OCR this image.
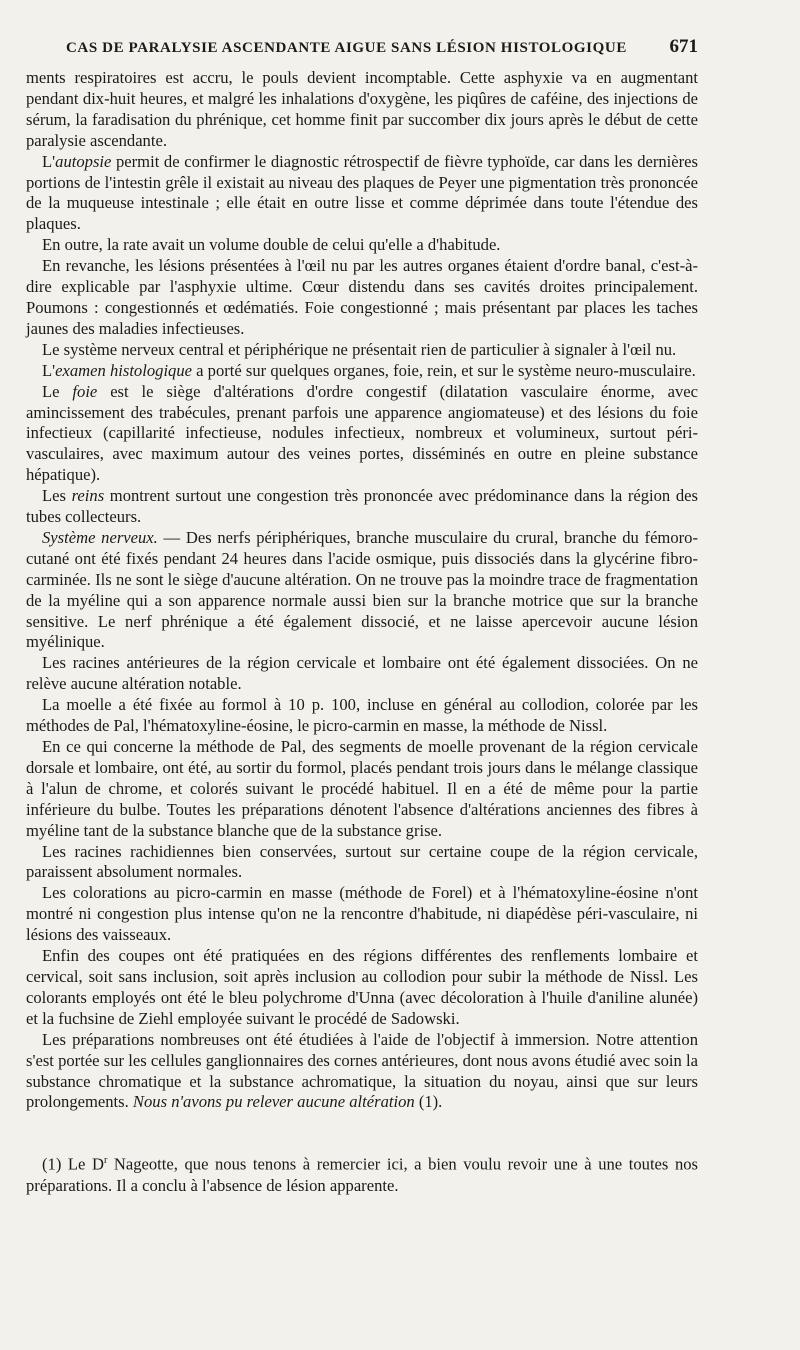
CAS DE PARALYSIE ASCENDANTE AIGUE SANS LÉSION HISTOLOGIQUE 671

ments respiratoires est accru, le pouls devient incomptable. Cette asphyxie va en augmentant pendant dix-huit heures, et malgré les inhalations d'oxygène, les piqûres de caféine, des injections de sérum, la faradisation du phrénique, cet homme finit par succomber dix jours après le début de cette paralysie ascendante.

L'autopsie permit de confirmer le diagnostic rétrospectif de fièvre typhoïde, car dans les dernières portions de l'intestin grêle il existait au niveau des plaques de Peyer une pigmentation très prononcée de la muqueuse intestinale ; elle était en outre lisse et comme déprimée dans toute l'étendue des plaques.

En outre, la rate avait un volume double de celui qu'elle a d'habitude.

En revanche, les lésions présentées à l'œil nu par les autres organes étaient d'ordre banal, c'est-à-dire explicable par l'asphyxie ultime. Cœur distendu dans ses cavités droites principalement. Poumons : congestionnés et œdématiés. Foie congestionné ; mais présentant par places les taches jaunes des maladies infectieuses.

Le système nerveux central et périphérique ne présentait rien de particulier à signaler à l'œil nu.

L'examen histologique a porté sur quelques organes, foie, rein, et sur le système neuro-musculaire.

Le foie est le siège d'altérations d'ordre congestif (dilatation vasculaire énorme, avec amincissement des trabécules, prenant parfois une apparence angiomateuse) et des lésions du foie infectieux (capillarité infectieuse, nodules infectieux, nombreux et volumineux, surtout péri-vasculaires, avec maximum autour des veines portes, disséminés en outre en pleine substance hépatique).

Les reins montrent surtout une congestion très prononcée avec prédominance dans la région des tubes collecteurs.

Système nerveux. — Des nerfs périphériques, branche musculaire du crural, branche du fémoro-cutané ont été fixés pendant 24 heures dans l'acide osmique, puis dissociés dans la glycérine fibro-carminée. Ils ne sont le siège d'aucune altération. On ne trouve pas la moindre trace de fragmentation de la myéline qui a son apparence normale aussi bien sur la branche motrice que sur la branche sensitive. Le nerf phrénique a été également dissocié, et ne laisse apercevoir aucune lésion myélinique.

Les racines antérieures de la région cervicale et lombaire ont été également dissociées. On ne relève aucune altération notable.

La moelle a été fixée au formol à 10 p. 100, incluse en général au collodion, colorée par les méthodes de Pal, l'hématoxyline-éosine, le picro-carmin en masse, la méthode de Nissl.

En ce qui concerne la méthode de Pal, des segments de moelle provenant de la région cervicale dorsale et lombaire, ont été, au sortir du formol, placés pendant trois jours dans le mélange classique à l'alun de chrome, et colorés suivant le procédé habituel. Il en a été de même pour la partie inférieure du bulbe. Toutes les préparations dénotent l'absence d'altérations anciennes des fibres à myéline tant de la substance blanche que de la substance grise.

Les racines rachidiennes bien conservées, surtout sur certaine coupe de la région cervicale, paraissent absolument normales.

Les colorations au picro-carmin en masse (méthode de Forel) et à l'hématoxyline-éosine n'ont montré ni congestion plus intense qu'on ne la rencontre d'habitude, ni diapédèse péri-vasculaire, ni lésions des vaisseaux.

Enfin des coupes ont été pratiquées en des régions différentes des renflements lombaire et cervical, soit sans inclusion, soit après inclusion au collodion pour subir la méthode de Nissl. Les colorants employés ont été le bleu polychrome d'Unna (avec décoloration à l'huile d'aniline alunée) et la fuchsine de Ziehl employée suivant le procédé de Sadowski.

Les préparations nombreuses ont été étudiées à l'aide de l'objectif à immersion. Notre attention s'est portée sur les cellules ganglionnaires des cornes antérieures, dont nous avons étudié avec soin la substance chromatique et la substance achromatique, la situation du noyau, ainsi que sur leurs prolongements. Nous n'avons pu relever aucune altération (1).

(1) Le $D^r$ Nageotte, que nous tenons à remercier ici, a bien voulu revoir une à une toutes nos préparations. Il a conclu à l'absence de lésion apparente.
